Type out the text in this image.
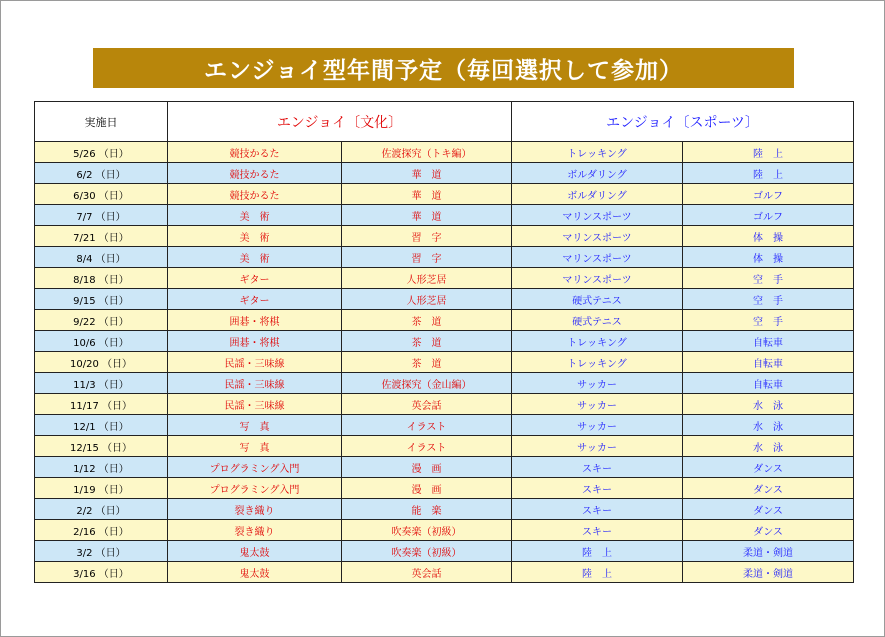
エンジョイ型年間予定（毎回選択して参加）
実施日	エンジョイ〔文化〕		エンジョイ〔スポーツ〕	
5/26 （日）	競技かるた	佐渡探究（トキ編）	トレッキング	陸　上
6/2 （日）	競技かるた	華　道	ボルダリング	陸　上
6/30 （日）	競技かるた	華　道	ボルダリング	ゴルフ
7/7 （日）	美　術	華　道	マリンスポーツ	ゴルフ
7/21 （日）	美　術	習　字	マリンスポーツ	体　操
8/4 （日）	美　術	習　字	マリンスポーツ	体　操
8/18 （日）	ギター	人形芝居	マリンスポーツ	空　手
9/15 （日）	ギター	人形芝居	硬式テニス	空　手
9/22 （日）	囲碁・将棋	茶　道	硬式テニス	空　手
10/6 （日）	囲碁・将棋	茶　道	トレッキング	自転車
10/20 （日）	民謡・三味線	茶　道	トレッキング	自転車
11/3 （日）	民謡・三味線	佐渡探究（金山編）	サッカー	自転車
11/17 （日）	民謡・三味線	英会話	サッカー	水　泳
12/1 （日）	写　真	イラスト	サッカー	水　泳
12/15 （日）	写　真	イラスト	サッカー	水　泳
1/12 （日）	プログラミング入門	漫　画	スキー	ダンス
1/19 （日）	プログラミング入門	漫　画	スキー	ダンス
2/2 （日）	裂き織り	能　楽	スキー	ダンス
2/16 （日）	裂き織り	吹奏楽（初級）	スキー	ダンス
3/2 （日）	鬼太鼓	吹奏楽（初級）	陸　上	柔道・剣道
3/16 （日）	鬼太鼓	英会話	陸　上	柔道・剣道
